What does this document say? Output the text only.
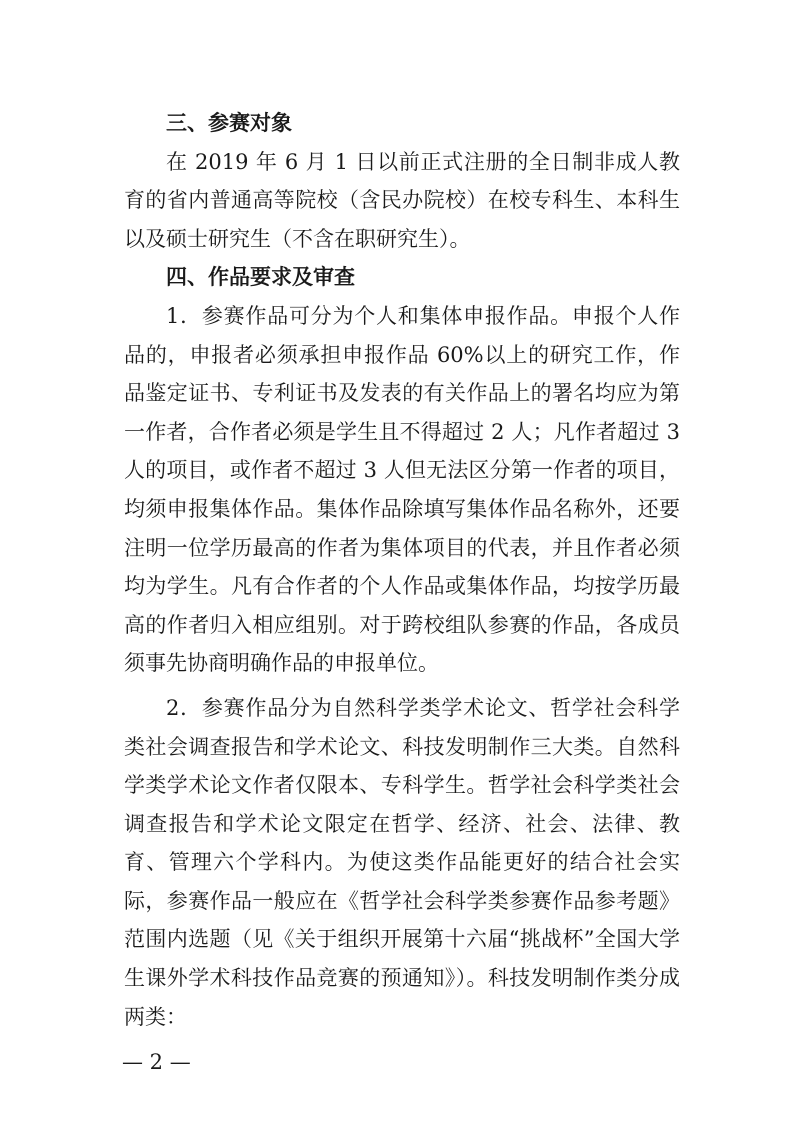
三、参赛对象

在 2019 年 6 月 1 日以前正式注册的全日制非成人教育的省内普通高等院校（含民办院校）在校专科生、本科生以及硕士研究生（不含在职研究生）。

四、作品要求及审查

1．参赛作品可分为个人和集体申报作品。申报个人作品的，申报者必须承担申报作品 60%以上的研究工作，作品鉴定证书、专利证书及发表的有关作品上的署名均应为第一作者，合作者必须是学生且不得超过 2 人；凡作者超过 3 人的项目，或作者不超过 3 人但无法区分第一作者的项目，均须申报集体作品。集体作品除填写集体作品名称外，还要注明一位学历最高的作者为集体项目的代表，并且作者必须均为学生。凡有合作者的个人作品或集体作品，均按学历最高的作者归入相应组别。对于跨校组队参赛的作品，各成员须事先协商明确作品的申报单位。

2．参赛作品分为自然科学类学术论文、哲学社会科学类社会调查报告和学术论文、科技发明制作三大类。自然科学类学术论文作者仅限本、专科学生。哲学社会科学类社会调查报告和学术论文限定在哲学、经济、社会、法律、教育、管理六个学科内。为使这类作品能更好的结合社会实际，参赛作品一般应在《哲学社会科学类参赛作品参考题》范围内选题（见《关于组织开展第十六届“挑战杯”全国大学生课外学术科技作品竞赛的预通知》）。科技发明制作类分成两类：

— 2 —
